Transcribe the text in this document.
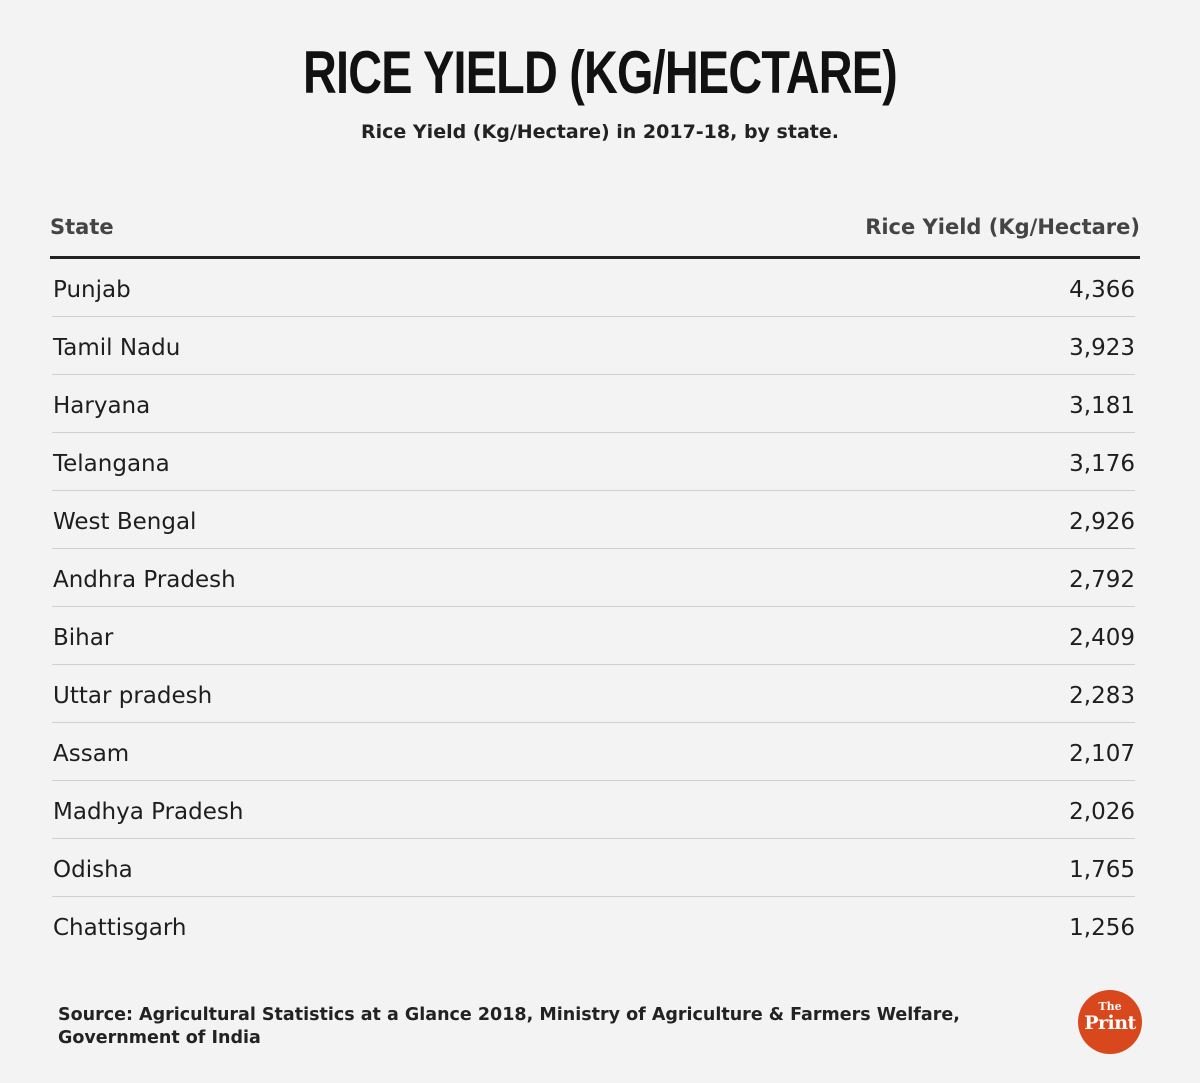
RICE YIELD (KG/HECTARE)
Rice Yield (Kg/Hectare) in 2017-18, by state.
State	Rice Yield (Kg/Hectare)
Punjab	4,366
Tamil Nadu	3,923
Haryana	3,181
Telangana	3,176
West Bengal	2,926
Andhra Pradesh	2,792
Bihar	2,409
Uttar pradesh	2,283
Assam	2,107
Madhya Pradesh	2,026
Odisha	1,765
Chattisgarh	1,256
Source: Agricultural Statistics at a Glance 2018, Ministry of Agriculture & Farmers Welfare,
Government of India
The
Print
